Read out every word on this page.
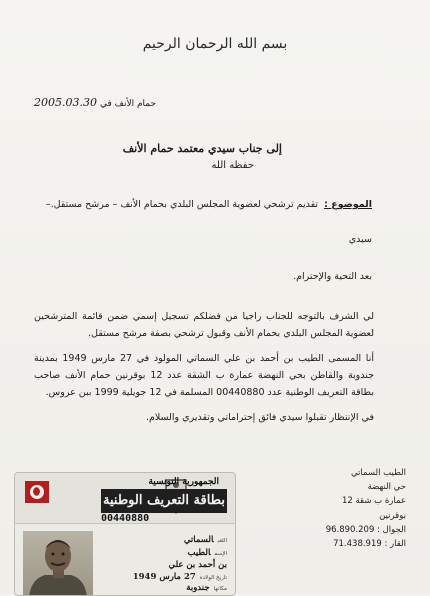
بسم الله الرحمان الرحيم
2005.03.30 حمام الأنف في
إلى جناب سيدي معتمد حمام الأنف
حفظه الله
الموضوع : تقديم ترشحي لعضوية المجلس البلدي بحمام الأنف – مرشح مستقل.–
سيدي
بعد التحية والإحترام.
لي الشرف بالتوجه للجناب راجيا من فضلكم تسجيل إسمي ضمن قائمة المترشحين لعضوية المجلس البلدي بحمام الأنف وقبول ترشحي بصفة مرشح مستقل.
أنا المسمى الطيب بن أحمد بن علي السماتي المولود في 27 مارس 1949 بمدينة جندوبة والقاطن بحي النهضة عمارة ب الشقة عدد 12 بوقرنين حمام الأنف صاحب بطاقة التعريف الوطنية عدد 00440880 المسلمة في 12 جويلية 1999 ببن عروس.
في الإنتظار تقبلوا سيدي فائق إحتراماتي وتقديري والسلام.
الطيب السماتي
حي النهضة
عمارة ب شقة 12
بوقرنين
الجوال : 96.890.209
القار : 71.438.919
الجمهورية التونسية
بطاقة التعريف الوطنية
00440880
اللقبالسماتي
الإسمالطيب
بن أحمد بن علي
تاريخ الولادة27 مارس 1949
مكانهاجندوبة
